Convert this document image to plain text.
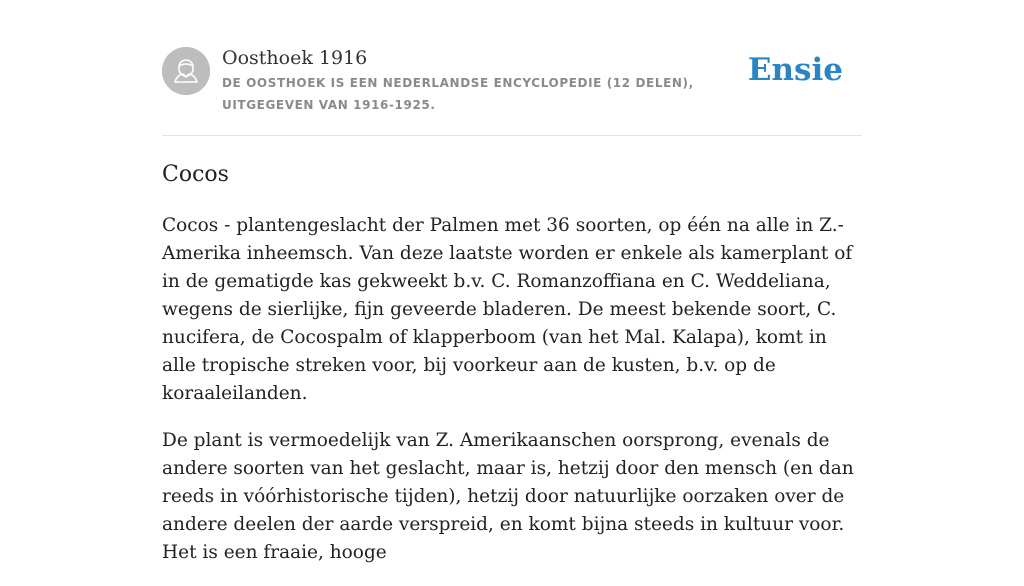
Oosthoek 1916
DE OOSTHOEK IS EEN NEDERLANDSE ENCYCLOPEDIE (12 DELEN), UITGEGEVEN VAN 1916-1925.
Ensie
Cocos

Cocos - plantengeslacht der Palmen met 36 soorten, op één na alle in Z.-Amerika inheemsch. Van deze laatste worden er enkele als kamerplant of in de gematigde kas gekweekt b.v. C. Romanzoffiana en C. Weddeliana, wegens de sierlijke, fijn geveerde bladeren. De meest bekende soort, C. nucifera, de Cocospalm of klapperboom (van het Mal. Kalapa), komt in alle tropische streken voor, bij voorkeur aan de kusten, b.v. op de koraaleilanden.

De plant is vermoedelijk van Z. Amerikaanschen oorsprong, evenals de andere soorten van het geslacht, maar is, hetzij door den mensch (en dan reeds in vóórhistorische tijden), hetzij door natuurlijke oorzaken over de andere deelen der aarde verspreid, en komt bijna steeds in kultuur voor. Het is een fraaie, hooge
